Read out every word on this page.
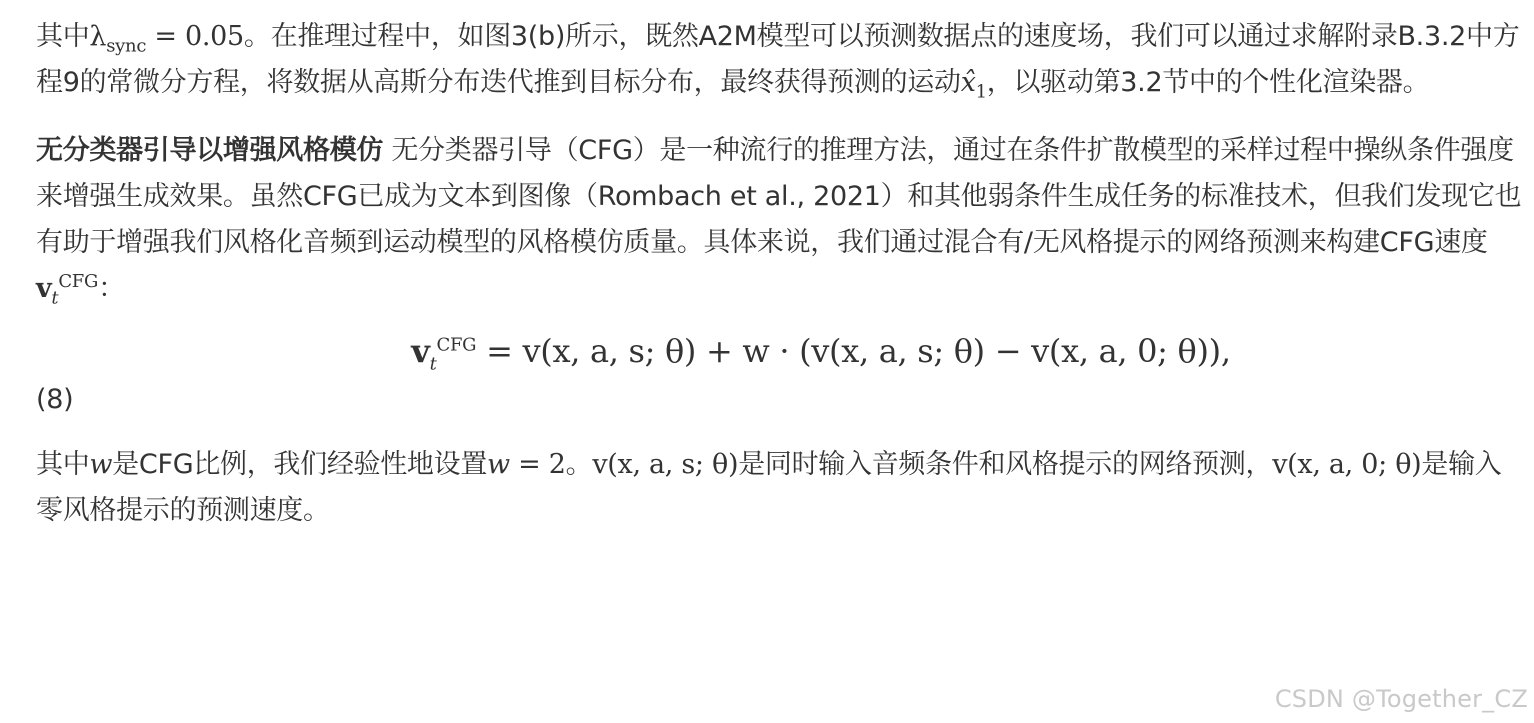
其中$\lambda_{sync} = 0.05$。在推理过程中，如图3(b)所示，既然A2M模型可以预测数据点的速度场，我们可以通过求解附录B.3.2中方程9的常微分方程，将数据从高斯分布迭代推到目标分布，最终获得预测的运动$x̂_1$，以驱动第3.2节中的个性化渲染器。

无分类器引导以增强风格模仿 无分类器引导（CFG）是一种流行的推理方法，通过在条件扩散模型的采样过程中操纵条件强度来增强生成效果。虽然CFG已成为文本到图像（Rombach et al., 2021）和其他弱条件生成任务的标准技术，但我们发现它也有助于增强我们风格化音频到运动模型的风格模仿质量。具体来说，我们通过混合有/无风格提示的网络预测来构建CFG速度$v_t^{CFG}$：

$v_t^{CFG} = v(x$, a, s; θ) + w · (v(x, a, s; θ) − v(x, a, 0; θ)),
(8)

其中w是CFG比例，我们经验性地设置w = 2。v(x, a, s; θ)是同时输入音频条件和风格提示的网络预测，v(x, a, 0; θ)是输入零风格提示的预测速度。

CSDN @Together_CZ
